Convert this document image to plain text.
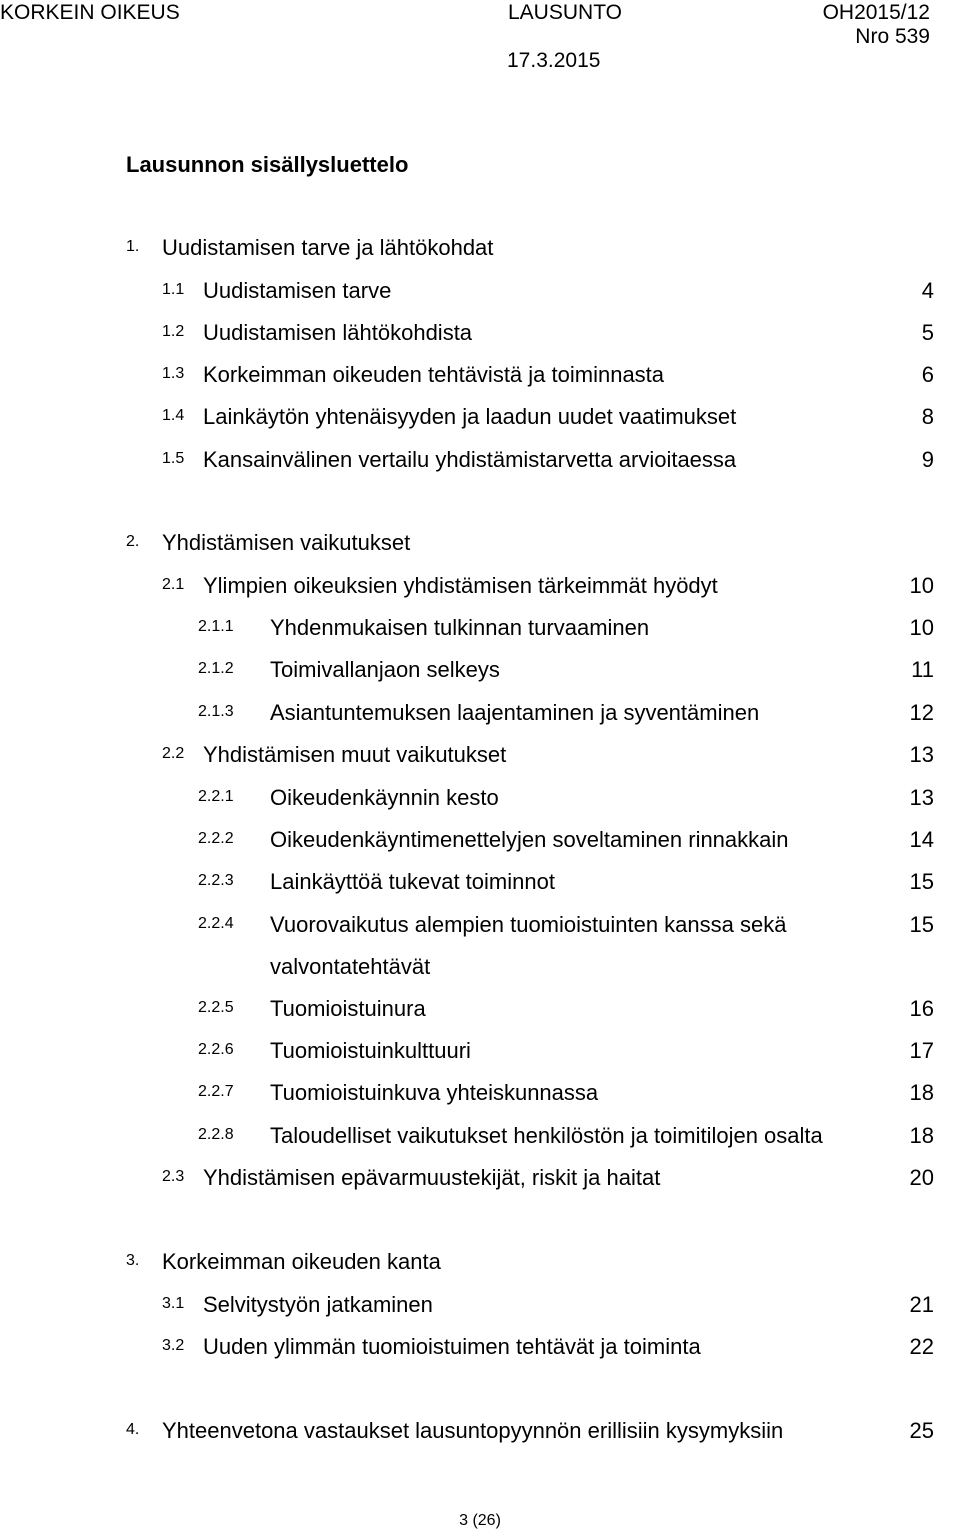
KORKEIN OIKEUS	LAUSUNTO
17.3.2015
OH2015/12
Nro 539
Lausunnon sisällysluettelo
1. Uudistamisen tarve ja lähtökohdat
1.1 Uudistamisen tarve	4
1.2 Uudistamisen lähtökohdista	5
1.3 Korkeimman oikeuden tehtävistä ja toiminnasta	6
1.4 Lainkäytön yhtenäisyyden ja laadun uudet vaatimukset	8
1.5 Kansainvälinen vertailu yhdistämistarvetta arvioitaessa	9
2. Yhdistämisen vaikutukset
2.1 Ylimpien oikeuksien yhdistämisen tärkeimmät hyödyt	10
2.1.1 Yhdenmukaisen tulkinnan turvaaminen	10
2.1.2 Toimivallanjaon selkeys	11
2.1.3 Asiantuntemuksen laajentaminen ja syventäminen	12
2.2 Yhdistämisen muut vaikutukset	13
2.2.1 Oikeudenkäynnin kesto	13
2.2.2 Oikeudenkäyntimenettelyjen soveltaminen rinnakkain	14
2.2.3 Lainkäyttöä tukevat toiminnot	15
2.2.4 Vuorovaikutus alempien tuomioistuinten kanssa sekä	15
valvontatehtävät
2.2.5 Tuomioistuinura	16
2.2.6 Tuomioistuinkulttuuri	17
2.2.7 Tuomioistuinkuva yhteiskunnassa	18
2.2.8 Taloudelliset vaikutukset henkilöstön ja toimitilojen osalta	18
2.3 Yhdistämisen epävarmuustekijät, riskit ja haitat	20
3. Korkeimman oikeuden kanta
3.1 Selvitystyön jatkaminen	21
3.2 Uuden ylimmän tuomioistuimen tehtävät ja toiminta	22
4. Yhteenvetona vastaukset lausuntopyynnön erillisiin kysymyksiin	25
3 (26)
